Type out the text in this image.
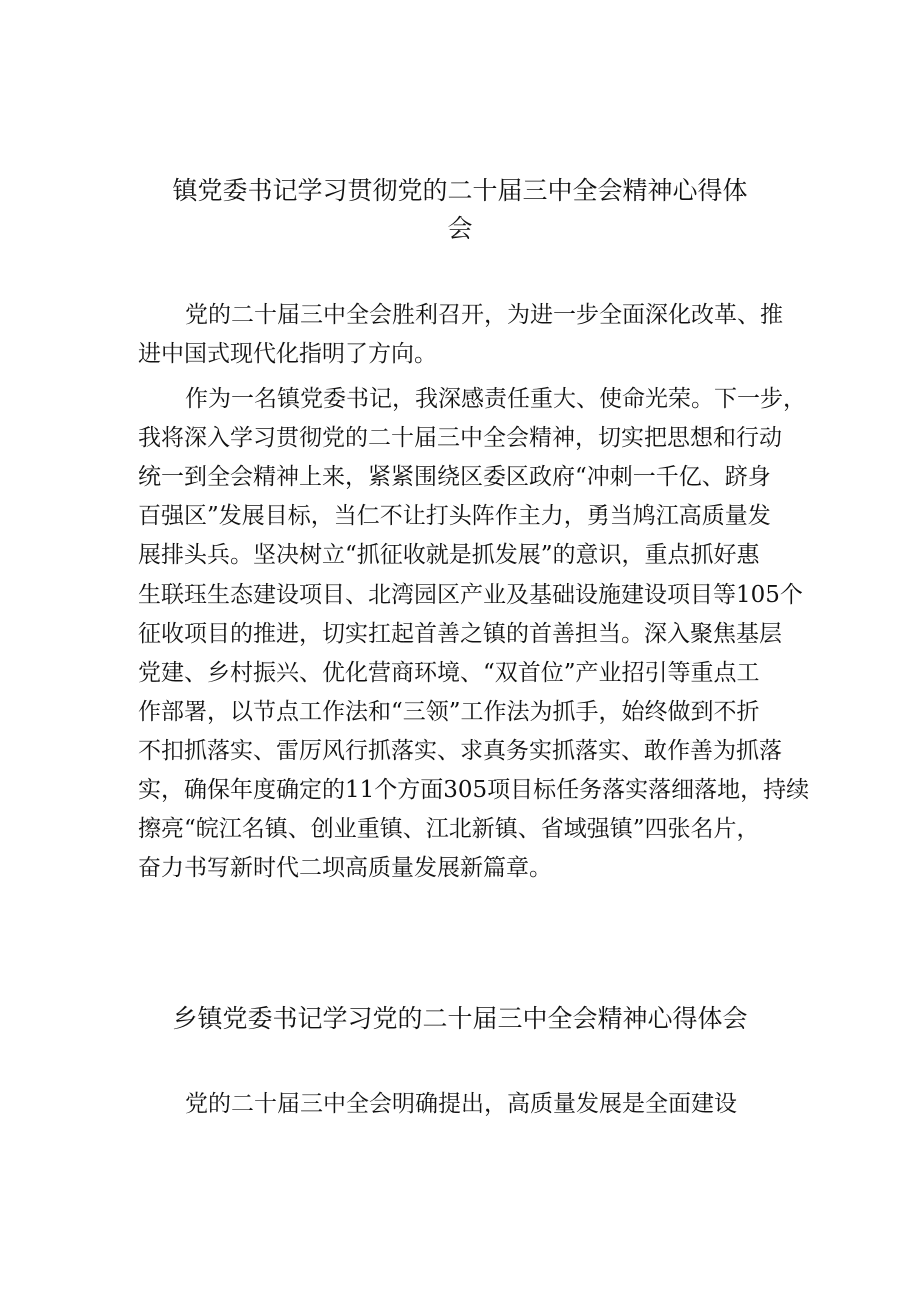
镇党委书记学习贯彻党的二十届三中全会精神心得体
会

党的二十届三中全会胜利召开，为进一步全面深化改革、推

进中国式现代化指明了方向。

作为一名镇党委书记，我深感责任重大、使命光荣。下一步，

我将深入学习贯彻党的二十届三中全会精神，切实把思想和行动

统一到全会精神上来，紧紧围绕区委区政府“冲刺一千亿、跻身

百强区”发展目标，当仁不让打头阵作主力，勇当鸠江高质量发

展排头兵。坚决树立“抓征收就是抓发展”的意识，重点抓好惠

生联珏生态建设项目、北湾园区产业及基础设施建设项目等105个

征收项目的推进，切实扛起首善之镇的首善担当。深入聚焦基层

党建、乡村振兴、优化营商环境、“双首位”产业招引等重点工

作部署，以节点工作法和“三领”工作法为抓手，始终做到不折

不扣抓落实、雷厉风行抓落实、求真务实抓落实、敢作善为抓落

实，确保年度确定的11个方面305项目标任务落实落细落地，持续

擦亮“皖江名镇、创业重镇、江北新镇、省域强镇”四张名片，

奋力书写新时代二坝高质量发展新篇章。

乡镇党委书记学习党的二十届三中全会精神心得体会

党的二十届三中全会明确提出，高质量发展是全面建设
